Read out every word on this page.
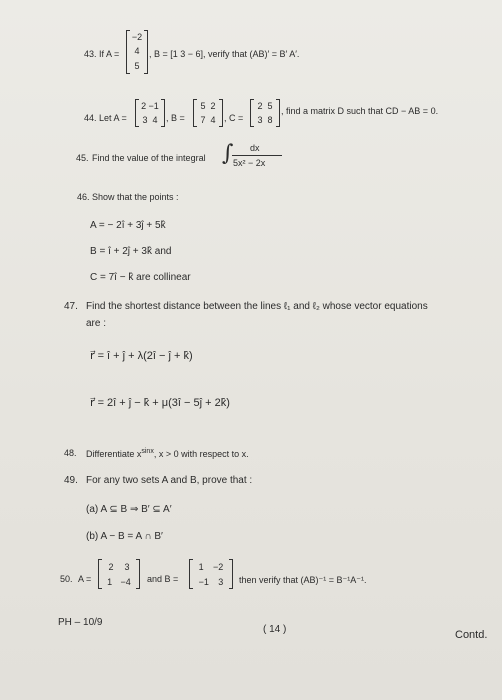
43. If A =
−2
4
5
, B = [1 3 − 6], verify that (AB)′ = B′ A′.
44. Let A =
2 −1
3 4 , B =
5 2
7 4 , C =
2 5
3 8
, find a matrix D such that CD − AB = 0.
45. Find the value of the integral ∫ dx
5x² − 2x
46. Show that the points :
A = − 2î + 3ĵ + 5k̂
B = î + 2ĵ + 3k̂ and
C = 7î − k̂ are collinear
47. Find the shortest distance between the lines ℓ₁ and ℓ₂ whose vector equations
are :
r⃗ = î + ĵ + λ(2î − ĵ + k̂)
r⃗ = 2î + ĵ − k̂ + μ(3î − 5ĵ + 2k̂)
48. Differentiate $x^{sinx}$, x > 0 with respect to x.
49. For any two sets A and B, prove that :
(a) A ⊆ B ⇒ B′ ⊆ A′
(b) A − B = A ∩ B′
50. A =
2 3
1 −4 and B =
1 −2
−1 3 then verify that (AB)⁻¹ = B⁻¹A⁻¹.
PH – 10/9
( 14 )	Contd.
